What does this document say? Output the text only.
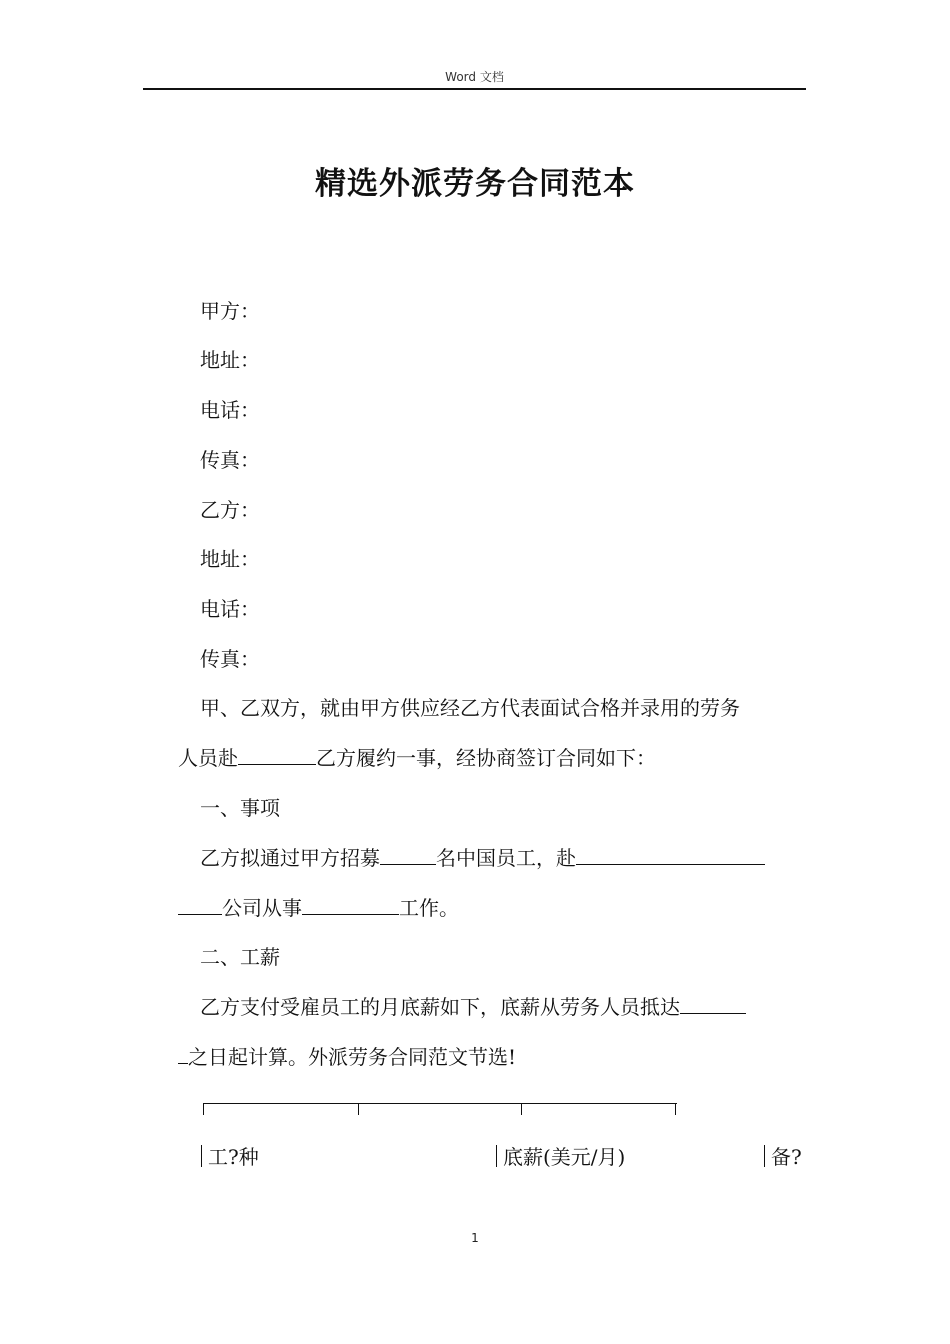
Word 文档
精选外派劳务合同范本
甲方：
地址：
电话：
传真：
乙方：
地址：
电话：
传真：
甲、乙双方，就由甲方供应经乙方代表面试合格并录用的劳务
人员赴	乙方履约一事，经协商签订合同如下：
一、事项
乙方拟通过甲方招募	名中国员工，赴
公司从事	工作。
二、工薪
乙方支付受雇员工的月底薪如下，底薪从劳务人员抵达
之日起计算。外派劳务合同范文节选!
工?种	底薪(美元/月)	备?
1
